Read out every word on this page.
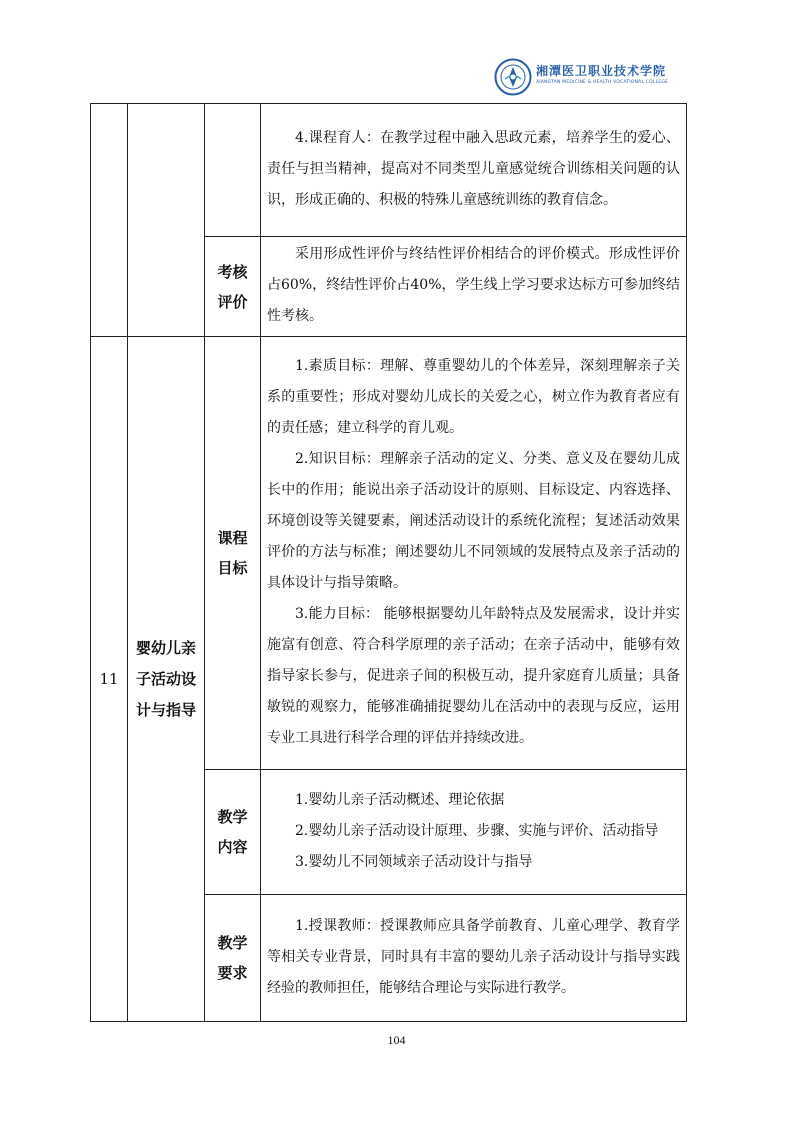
湘潭医卫职业技术学院
XIANGTAN MEDICINE & HEALTH VOCATIONAL COLLEGE

			4.课程育人：在教学过程中融入思政元素，培养学生的爱心、责任与担当精神，提高对不同类型儿童感觉统合训练相关问题的认识，形成正确的、积极的特殊儿童感统训练的教育信念。

		考核评价	采用形成性评价与终结性评价相结合的评价模式。形成性评价占60%，终结性评价占40%，学生线上学习要求达标方可参加终结性考核。

11	婴幼儿亲子活动设计与指导	课程目标	1.素质目标：理解、尊重婴幼儿的个体差异，深刻理解亲子关系的重要性；形成对婴幼儿成长的关爱之心，树立作为教育者应有的责任感；建立科学的育儿观。

2.知识目标：理解亲子活动的定义、分类、意义及在婴幼儿成长中的作用；能说出亲子活动设计的原则、目标设定、内容选择、环境创设等关键要素，阐述活动设计的系统化流程；复述活动效果评价的方法与标准；阐述婴幼儿不同领域的发展特点及亲子活动的具体设计与指导策略。

3.能力目标： 能够根据婴幼儿年龄特点及发展需求，设计并实施富有创意、符合科学原理的亲子活动；在亲子活动中，能够有效指导家长参与，促进亲子间的积极互动，提升家庭育儿质量；具备敏锐的观察力，能够准确捕捉婴幼儿在活动中的表现与反应，运用专业工具进行科学合理的评估并持续改进。

		教学内容	1.婴幼儿亲子活动概述、理论依据

2.婴幼儿亲子活动设计原理、步骤、实施与评价、活动指导

3.婴幼儿不同领域亲子活动设计与指导

		教学要求	1.授课教师：授课教师应具备学前教育、儿童心理学、教育学等相关专业背景，同时具有丰富的婴幼儿亲子活动设计与指导实践经验的教师担任，能够结合理论与实际进行教学。

104
